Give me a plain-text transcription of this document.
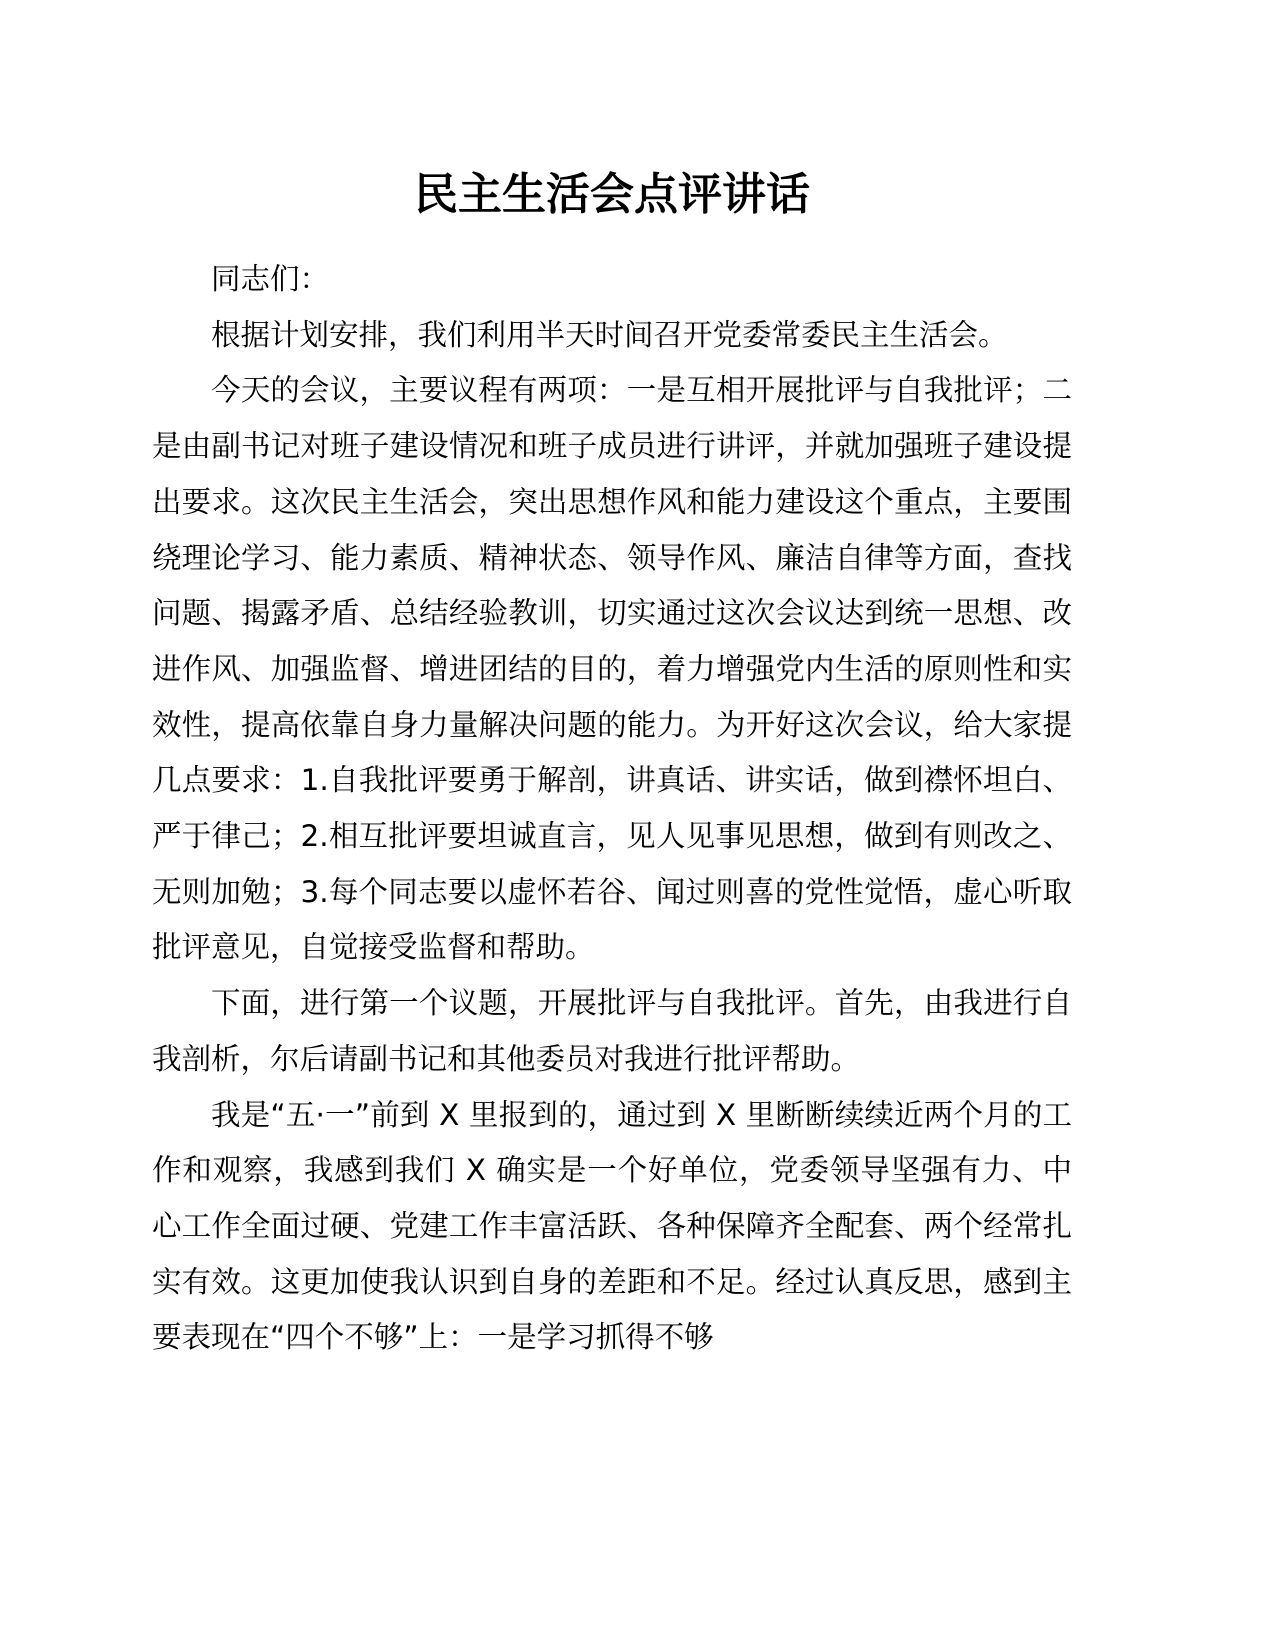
民主生活会点评讲话

同志们：

根据计划安排，我们利用半天时间召开党委常委民主生活会。

今天的会议，主要议程有两项：一是互相开展批评与自我批评；二是由副书记对班子建设情况和班子成员进行讲评，并就加强班子建设提出要求。这次民主生活会，突出思想作风和能力建设这个重点，主要围绕理论学习、能力素质、精神状态、领导作风、廉洁自律等方面，查找问题、揭露矛盾、总结经验教训，切实通过这次会议达到统一思想、改进作风、加强监督、增进团结的目的，着力增强党内生活的原则性和实效性，提高依靠自身力量解决问题的能力。为开好这次会议，给大家提几点要求：1.自我批评要勇于解剖，讲真话、讲实话，做到襟怀坦白、严于律己；2.相互批评要坦诚直言，见人见事见思想，做到有则改之、无则加勉；3.每个同志要以虚怀若谷、闻过则喜的党性觉悟，虚心听取批评意见，自觉接受监督和帮助。

下面，进行第一个议题，开展批评与自我批评。首先，由我进行自我剖析，尔后请副书记和其他委员对我进行批评帮助。

我是“五·一”前到 X 里报到的，通过到 X 里断断续续近两个月的工作和观察，我感到我们 X 确实是一个好单位，党委领导坚强有力、中心工作全面过硬、党建工作丰富活跃、各种保障齐全配套、两个经常扎实有效。这更加使我认识到自身的差距和不足。经过认真反思，感到主要表现在“四个不够”上：一是学习抓得不够
